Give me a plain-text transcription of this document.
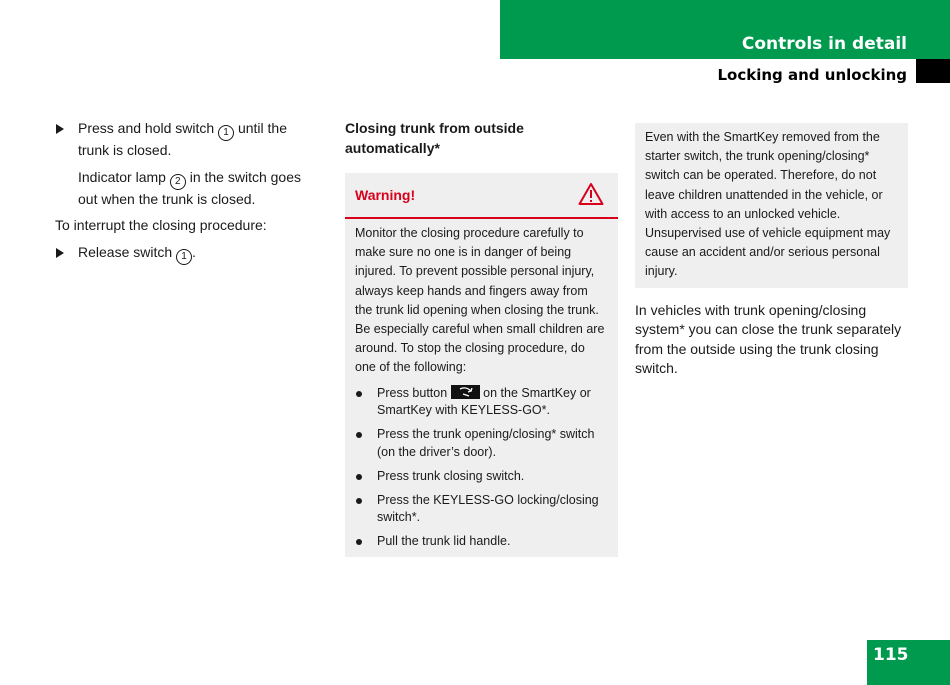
Controls in detail
Locking and unlocking
Press and hold switch 1 until the trunk is closed.
Indicator lamp 2 in the switch goes out when the trunk is closed.
To interrupt the closing procedure:
Release switch 1 .
Closing trunk from outside automatically*
Warning!
Monitor the closing procedure carefully to make sure no one is in danger of being injured. To prevent possible personal injury, always keep hands and fingers away from the trunk lid opening when closing the trunk. Be especially careful when small children are around. To stop the closing procedure, do one of the following:
Press button	on the SmartKey or SmartKey with KEYLESS-GO*.
Press the trunk opening/closing* switch (on the driver’s door).
Press trunk closing switch.
Press the KEYLESS-GO locking/closing switch*.
Pull the trunk lid handle.
Even with the SmartKey removed from the starter switch, the trunk opening/closing* switch can be operated. Therefore, do not leave children unattended in the vehicle, or with access to an unlocked vehicle. Unsupervised use of vehicle equipment may cause an accident and/or serious personal injury.
In vehicles with trunk opening/closing system* you can close the trunk separately from the outside using the trunk closing switch.
115
